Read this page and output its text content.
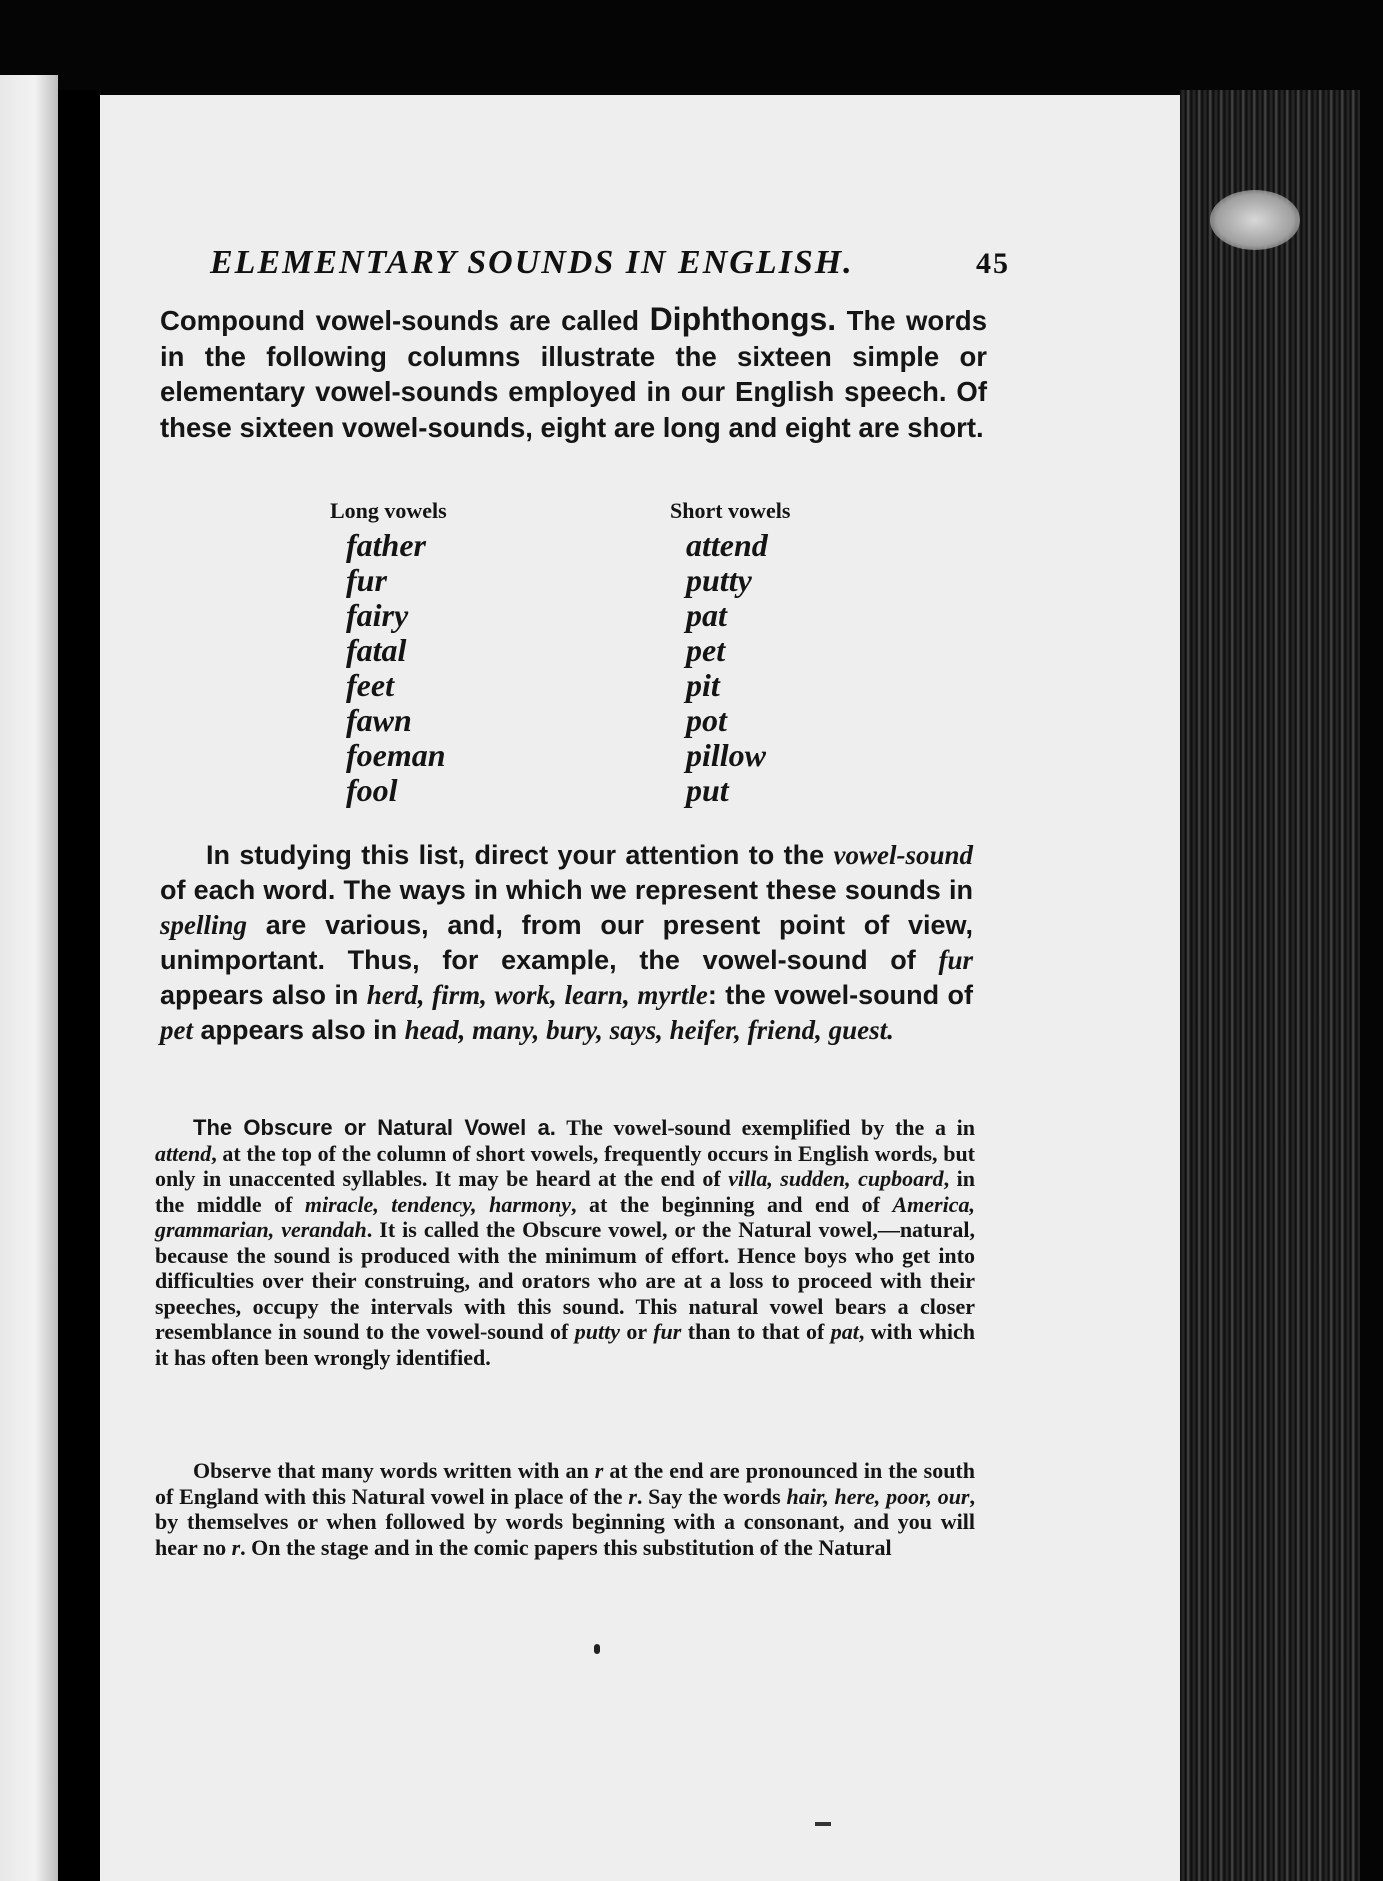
ELEMENTARY SOUNDS IN ENGLISH.	45
Compound vowel-sounds are called Diphthongs. The words in the following columns illustrate the sixteen simple or elementary vowel-sounds employed in our English speech. Of these sixteen vowel-sounds, eight are long and eight are short.
Long vowels
father
fur
fairy
fatal
feet
fawn
foeman
fool
Short vowels
attend
putty
pat
pet
pit
pot
pillow
put
In studying this list, direct your attention to the vowel-sound of each word. The ways in which we represent these sounds in spelling are various, and, from our present point of view, unimportant. Thus, for example, the vowel-sound of fur appears also in herd, firm, work, learn, myrtle: the vowel-sound of pet appears also in head, many, bury, says, heifer, friend, guest.
The Obscure or Natural Vowel a. The vowel-sound exemplified by the a in attend, at the top of the column of short vowels, frequently occurs in English words, but only in unaccented syllables. It may be heard at the end of villa, sudden, cupboard, in the middle of miracle, tendency, harmony, at the beginning and end of America, grammarian, verandah. It is called the Obscure vowel, or the Natural vowel,—natural, because the sound is produced with the minimum of effort. Hence boys who get into difficulties over their construing, and orators who are at a loss to proceed with their speeches, occupy the intervals with this sound. This natural vowel bears a closer resemblance in sound to the vowel-sound of putty or fur than to that of pat, with which it has often been wrongly identified.
Observe that many words written with an r at the end are pronounced in the south of England with this Natural vowel in place of the r. Say the words hair, here, poor, our, by themselves or when followed by words beginning with a consonant, and you will hear no r. On the stage and in the comic papers this substitution of the Natural
